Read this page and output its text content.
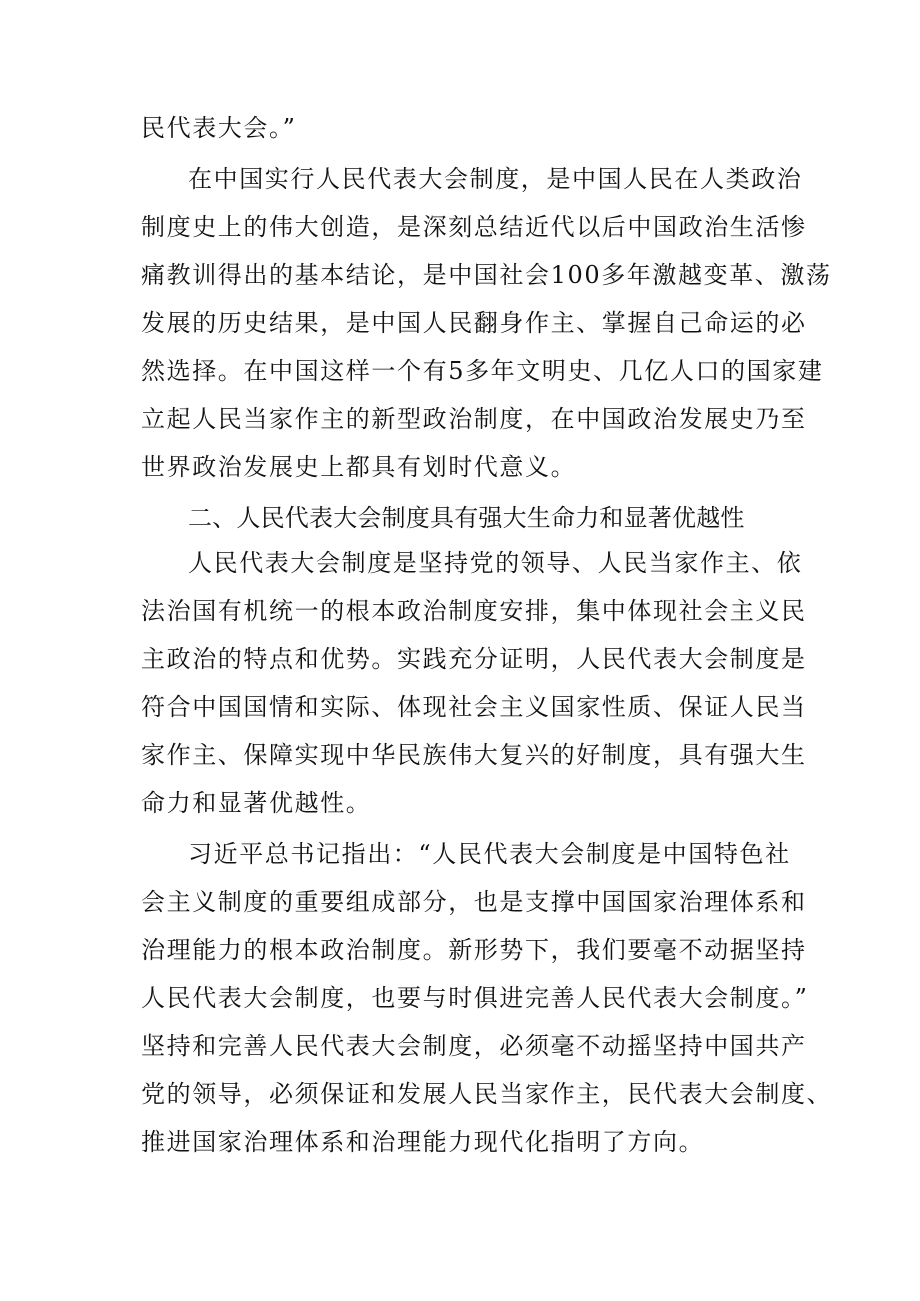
民代表大会。”
在中国实行人民代表大会制度，是中国人民在人类政治
制度史上的伟大创造，是深刻总结近代以后中国政治生活惨
痛教训得出的基本结论，是中国社会100多年激越变革、激荡
发展的历史结果，是中国人民翻身作主、掌握自己命运的必
然选择。在中国这样一个有5多年文明史、几亿人口的国家建
立起人民当家作主的新型政治制度，在中国政治发展史乃至
世界政治发展史上都具有划时代意义。
二、人民代表大会制度具有强大生命力和显著优越性
人民代表大会制度是坚持党的领导、人民当家作主、依
法治国有机统一的根本政治制度安排，集中体现社会主义民
主政治的特点和优势。实践充分证明，人民代表大会制度是
符合中国国情和实际、体现社会主义国家性质、保证人民当
家作主、保障实现中华民族伟大复兴的好制度，具有强大生
命力和显著优越性。
习近平总书记指出：“人民代表大会制度是中国特色社
会主义制度的重要组成部分，也是支撑中国国家治理体系和
治理能力的根本政治制度。新形势下，我们要毫不动据坚持
人民代表大会制度，也要与时俱进完善人民代表大会制度。”
坚持和完善人民代表大会制度，必须毫不动摇坚持中国共产
党的领导，必须保证和发展人民当家作主，民代表大会制度、
推进国家治理体系和治理能力现代化指明了方向。
